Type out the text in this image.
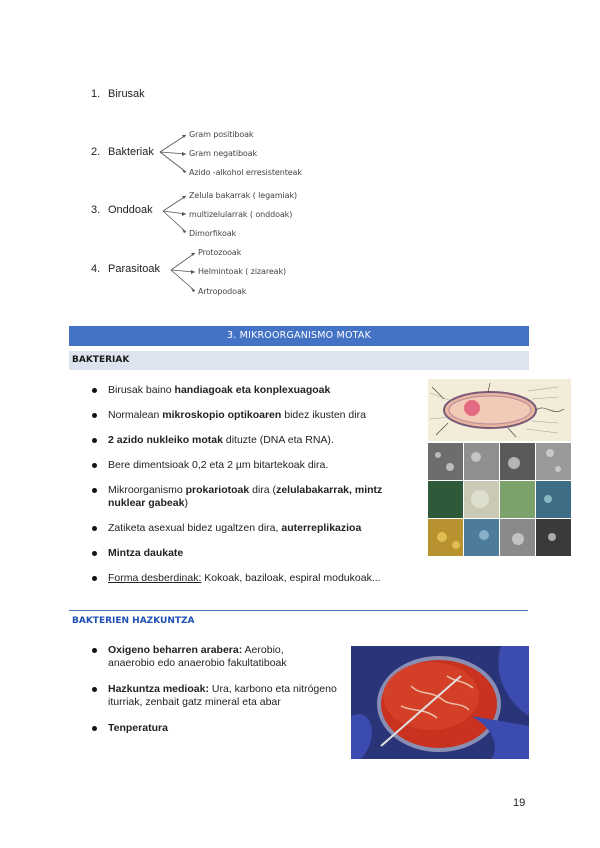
1. Birusak
2. Bakteriak
3. Onddoak
4. Parasitoak
Gram positiboak
Gram negatiboak
Azido -alkohol erresistenteak
Zelula bakarrak ( legamiak)
multizelularrak ( onddoak)
Dimorfikoak
Protozooak
Helmintoak ( zizareak)
Artropodoak
3. MIKROORGANISMO MOTAK
BAKTERIAK
Birusak baino handiagoak eta konplexuagoak
Normalean mikroskopio optikoaren bidez ikusten dira
2 azido nukleiko motak dituzte (DNA eta RNA).
Bere dimentsioak 0,2 eta 2 µm bitartekoak dira.
Mikroorganismo prokariotoak dira (zelulabakarrak, mintz nuklear gabeak)
Zatiketa asexual bidez ugaltzen dira, auterreplikazioa
Mintza daukate
Forma desberdinak: Kokoak, baziloak, espiral modukoak...
BAKTERIEN HAZKUNTZA
Oxigeno beharren arabera: Aerobio, anaerobio edo anaerobio fakultatiboak
Hazkuntza medioak: Ura, karbono eta nitrógeno iturriak, zenbait gatz mineral eta abar
Tenperatura
19
